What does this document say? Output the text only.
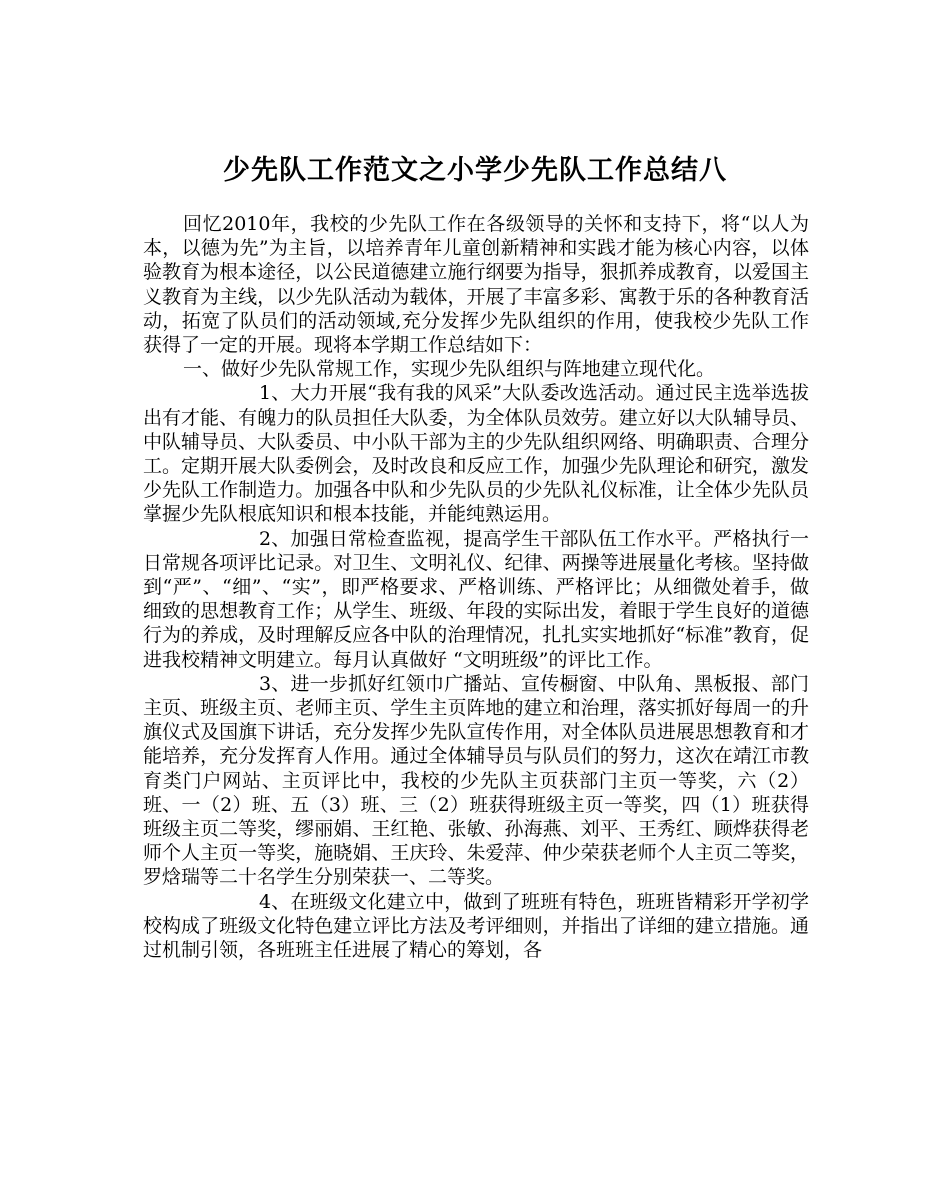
少先队工作范文之小学少先队工作总结八

回忆2010年，我校的少先队工作在各级领导的关怀和支持下，将“以人为本，以德为先”为主旨，以培养青年儿童创新精神和实践才能为核心内容，以体验教育为根本途径，以公民道德建立施行纲要为指导，狠抓养成教育，以爱国主义教育为主线，以少先队活动为载体，开展了丰富多彩、寓教于乐的各种教育活动，拓宽了队员们的活动领域,充分发挥少先队组织的作用，使我校少先队工作获得了一定的开展。现将本学期工作总结如下：

一、做好少先队常规工作，实现少先队组织与阵地建立现代化。

1、大力开展“我有我的风采”大队委改选活动。通过民主选举选拔出有才能、有魄力的队员担任大队委，为全体队员效劳。建立好以大队辅导员、中队辅导员、大队委员、中小队干部为主的少先队组织网络、明确职责、合理分工。定期开展大队委例会，及时改良和反应工作，加强少先队理论和研究，激发少先队工作制造力。加强各中队和少先队员的少先队礼仪标准，让全体少先队员掌握少先队根底知识和根本技能，并能纯熟运用。

2、加强日常检查监视，提高学生干部队伍工作水平。严格执行一日常规各项评比记录。对卫生、文明礼仪、纪律、两操等进展量化考核。坚持做到“严”、“细”、“实”，即严格要求、严格训练、严格评比；从细微处着手，做细致的思想教育工作；从学生、班级、年段的实际出发，着眼于学生良好的道德行为的养成，及时理解反应各中队的治理情况，扎扎实实地抓好“标准”教育，促进我校精神文明建立。每月认真做好 “文明班级”的评比工作。

3、进一步抓好红领巾广播站、宣传橱窗、中队角、黑板报、部门主页、班级主页、老师主页、学生主页阵地的建立和治理，落实抓好每周一的升旗仪式及国旗下讲话，充分发挥少先队宣传作用，对全体队员进展思想教育和才能培养，充分发挥育人作用。通过全体辅导员与队员们的努力，这次在靖江市教育类门户网站、主页评比中，我校的少先队主页获部门主页一等奖，六（2）班、一（2）班、五（3）班、三（2）班获得班级主页一等奖，四（1）班获得班级主页二等奖，缪丽娟、王红艳、张敏、孙海燕、刘平、王秀红、顾烨获得老师个人主页一等奖，施晓娟、王庆玲、朱爱萍、仲少荣获老师个人主页二等奖，罗焓瑞等二十名学生分别荣获一、二等奖。

4、在班级文化建立中，做到了班班有特色，班班皆精彩开学初学校构成了班级文化特色建立评比方法及考评细则，并指出了详细的建立措施。通过机制引领，各班班主任进展了精心的筹划，各
